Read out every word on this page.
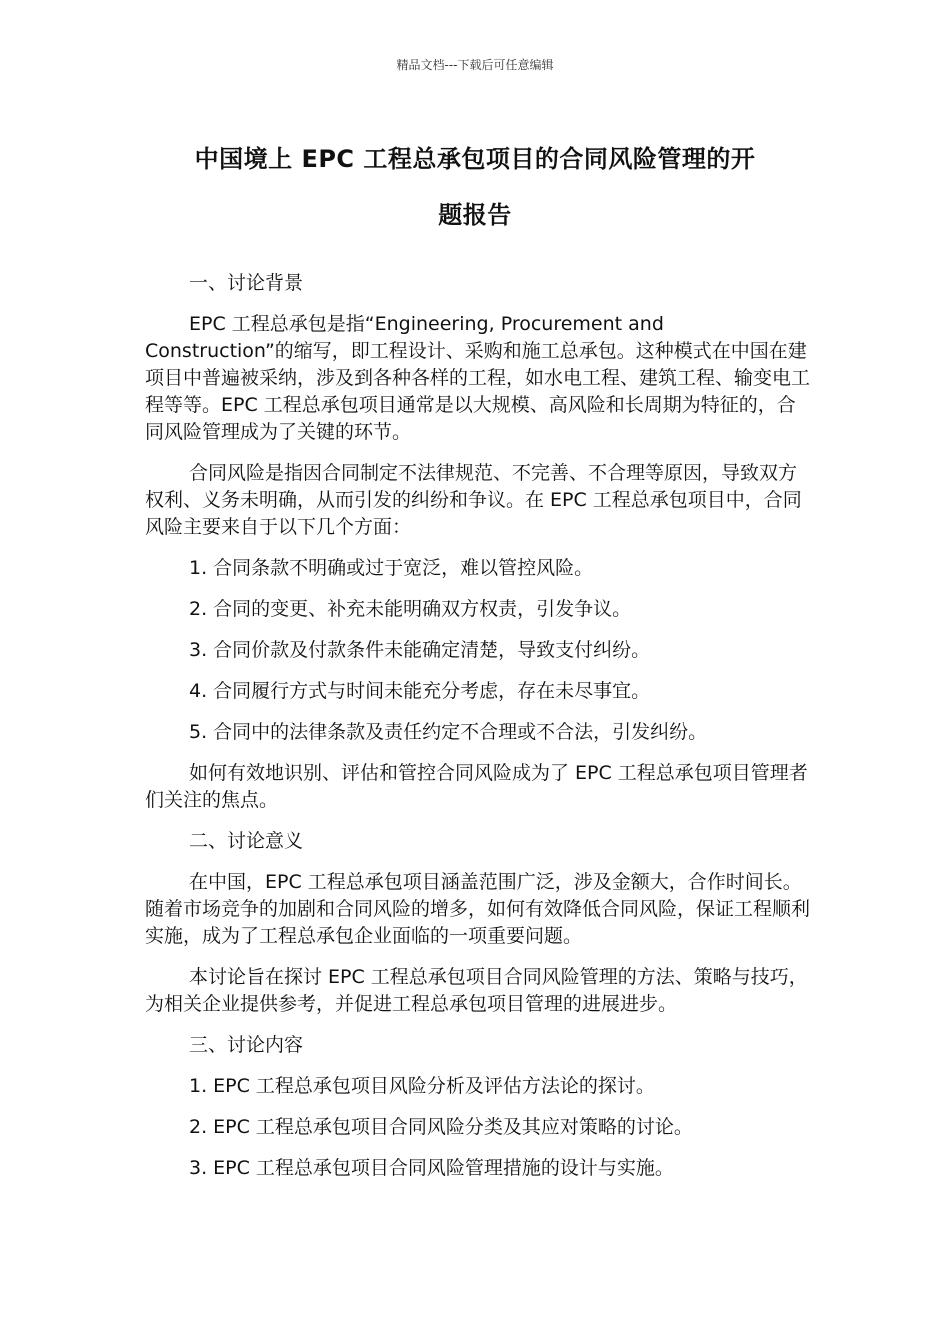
精品文档---下载后可任意编辑
中国境上 EPC 工程总承包项目的合同风险管理的开
题报告
一、讨论背景
EPC 工程总承包是指“Engineering, Procurement and Construction”的缩写，即工程设计、采购和施工总承包。这种模式在中国在建项目中普遍被采纳，涉及到各种各样的工程，如水电工程、建筑工程、输变电工程等等。EPC 工程总承包项目通常是以大规模、高风险和长周期为特征的，合同风险管理成为了关键的环节。
合同风险是指因合同制定不法律规范、不完善、不合理等原因，导致双方权利、义务未明确，从而引发的纠纷和争议。在 EPC 工程总承包项目中，合同风险主要来自于以下几个方面：
1. 合同条款不明确或过于宽泛，难以管控风险。
2. 合同的变更、补充未能明确双方权责，引发争议。
3. 合同价款及付款条件未能确定清楚，导致支付纠纷。
4. 合同履行方式与时间未能充分考虑，存在未尽事宜。
5. 合同中的法律条款及责任约定不合理或不合法，引发纠纷。
如何有效地识别、评估和管控合同风险成为了 EPC 工程总承包项目管理者们关注的焦点。
二、讨论意义
在中国，EPC 工程总承包项目涵盖范围广泛，涉及金额大，合作时间长。随着市场竞争的加剧和合同风险的增多，如何有效降低合同风险，保证工程顺利实施，成为了工程总承包企业面临的一项重要问题。
本讨论旨在探讨 EPC 工程总承包项目合同风险管理的方法、策略与技巧，为相关企业提供参考，并促进工程总承包项目管理的进展进步。
三、讨论内容
1. EPC 工程总承包项目风险分析及评估方法论的探讨。
2. EPC 工程总承包项目合同风险分类及其应对策略的讨论。
3. EPC 工程总承包项目合同风险管理措施的设计与实施。
